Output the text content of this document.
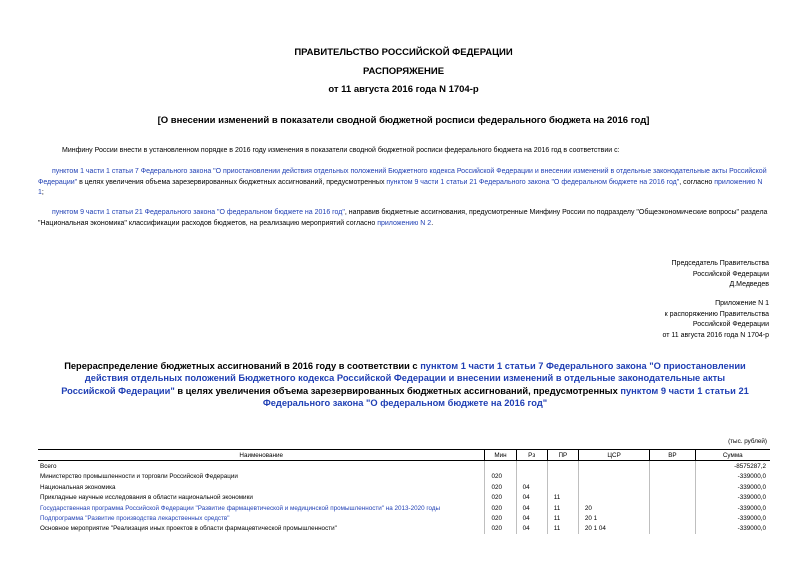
ПРАВИТЕЛЬСТВО РОССИЙСКОЙ ФЕДЕРАЦИИ
РАСПОРЯЖЕНИЕ
от 11 августа 2016 года N 1704-р
[О внесении изменений в показатели сводной бюджетной росписи федерального бюджета на 2016 год]
Минфину России внести в установленном порядке в 2016 году изменения в показатели сводной бюджетной росписи федерального бюджета на 2016 год в соответствии с:
пунктом 1 части 1 статьи 7 Федерального закона "О приостановлении действия отдельных положений Бюджетного кодекса Российской Федерации и внесении изменений в отдельные законодательные акты Российской Федерации" в целях увеличения объема зарезервированных бюджетных ассигнований, предусмотренных пунктом 9 части 1 статьи 21 Федерального закона "О федеральном бюджете на 2016 год", согласно приложению N 1;
пунктом 9 части 1 статьи 21 Федерального закона "О федеральном бюджете на 2016 год", направив бюджетные ассигнования, предусмотренные Минфину России по подразделу "Общеэкономические вопросы" раздела "Национальная экономика" классификации расходов бюджетов, на реализацию мероприятий согласно приложению N 2.
Председатель Правительства
Российской Федерации
Д.Медведев
Приложение N 1
к распоряжению Правительства
Российской Федерации
от 11 августа 2016 года N 1704-р
Перераспределение бюджетных ассигнований в 2016 году в соответствии с пунктом 1 части 1 статьи 7 Федерального закона "О приостановлении действия отдельных положений Бюджетного кодекса Российской Федерации и внесении изменений в отдельные законодательные акты Российской Федерации" в целях увеличения объема зарезервированных бюджетных ассигнований, предусмотренных пунктом 9 части 1 статьи 21 Федерального закона "О федеральном бюджете на 2016 год"
(тыс. рублей)
Наименование	Мин	Рз	ПР	ЦСР	ВР	Сумма
Всего						-8575287,2
Министерство промышленности и торговли Российской Федерации	020					-339000,0
Национальная экономика	020	04				-339000,0
Прикладные научные исследования в области национальной экономики	020	04	11			-339000,0
Государственная программа Российской Федерации "Развитие фармацевтической и медицинской промышленности" на 2013-2020 годы	020	04	11	20		-339000,0
Подпрограмма "Развитие производства лекарственных средств"	020	04	11	20 1		-339000,0
Основное мероприятие "Реализация иных проектов в области фармацевтической промышленности"	020	04	11	20 1 04		-339000,0
